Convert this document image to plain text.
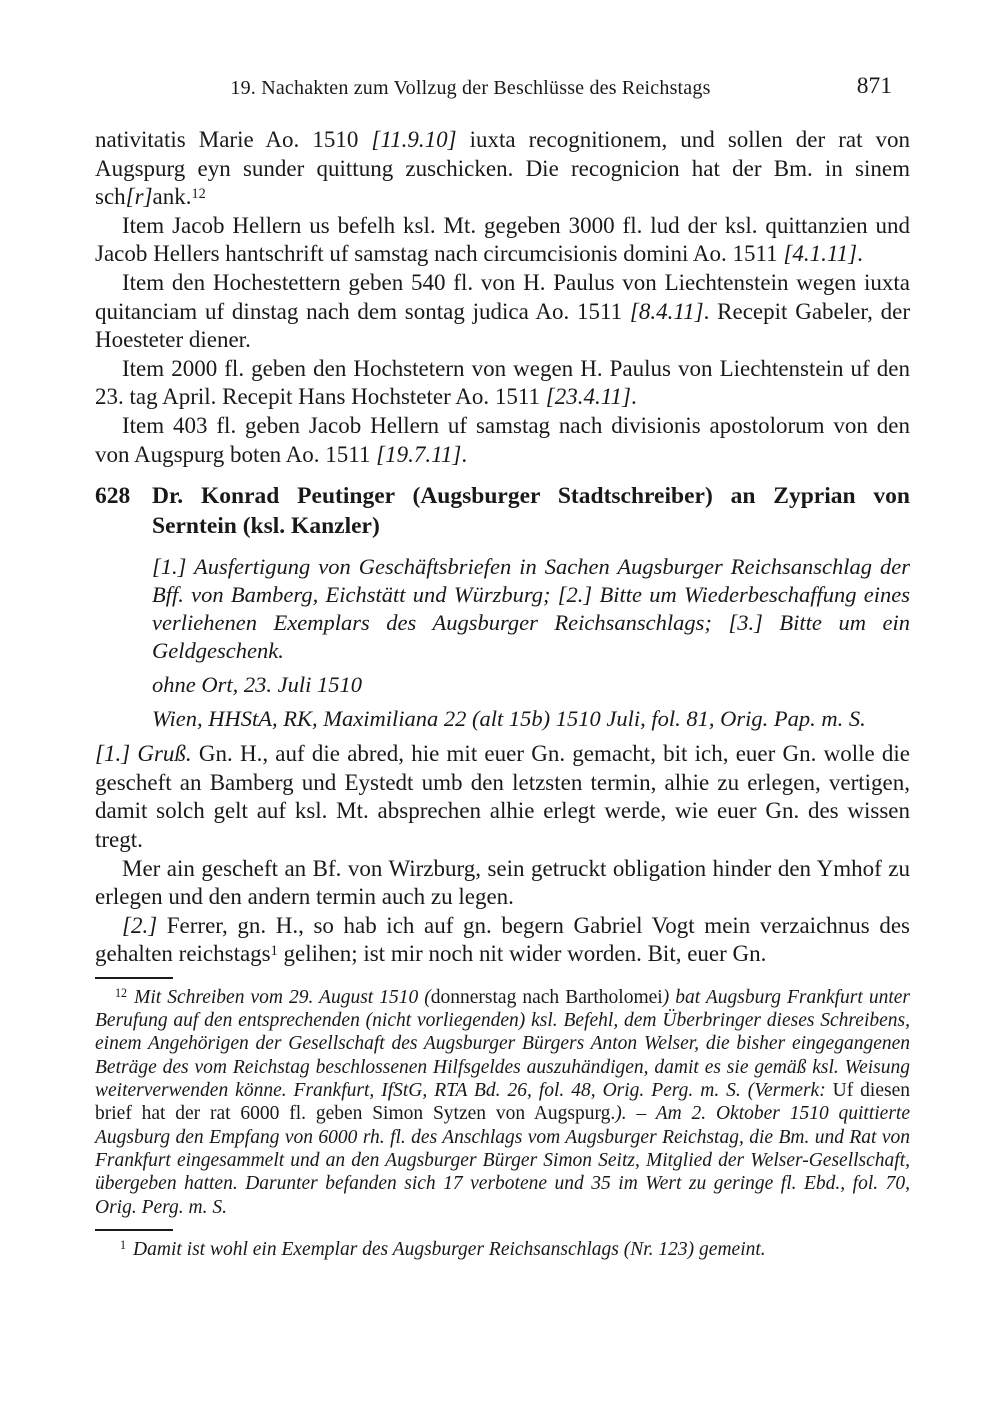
19. Nachakten zum Vollzug der Beschlüsse des Reichstags	871

nativitatis Marie Ao. 1510 [11.9.10] iuxta recognitionem, und sollen der rat von Augspurg eyn sunder quittung zuschicken. Die recognicion hat der Bm. in sinem sch[r]ank.$^{12}$

Item Jacob Hellern us befelh ksl. Mt. gegeben 3000 fl. lud der ksl. quittanzien und Jacob Hellers hantschrift uf samstag nach circumcisionis domini Ao. 1511 [4.1.11].

Item den Hochestettern geben 540 fl. von H. Paulus von Liechtenstein wegen iuxta quitanciam uf dinstag nach dem sontag judica Ao. 1511 [8.4.11]. Recepit Gabeler, der Hoesteter diener.

Item 2000 fl. geben den Hochstetern von wegen H. Paulus von Liechtenstein uf den 23. tag April. Recepit Hans Hochsteter Ao. 1511 [23.4.11].

Item 403 fl. geben Jacob Hellern uf samstag nach divisionis apostolorum von den von Augspurg boten Ao. 1511 [19.7.11].

628 Dr. Konrad Peutinger (Augsburger Stadtschreiber) an Zyprian von Serntein (ksl. Kanzler)

[1.] Ausfertigung von Geschäftsbriefen in Sachen Augsburger Reichsanschlag der Bff. von Bamberg, Eichstätt und Würzburg; [2.] Bitte um Wiederbeschaffung eines verliehenen Exemplars des Augsburger Reichsanschlags; [3.] Bitte um ein Geldgeschenk.

ohne Ort, 23. Juli 1510

Wien, HHStA, RK, Maximiliana 22 (alt 15b) 1510 Juli, fol. 81, Orig. Pap. m. S.

[1.] Gruß. Gn. H., auf die abred, hie mit euer Gn. gemacht, bit ich, euer Gn. wolle die gescheft an Bamberg und Eystedt umb den letzsten termin, alhie zu erlegen, vertigen, damit solch gelt auf ksl. Mt. absprechen alhie erlegt werde, wie euer Gn. des wissen tregt.

Mer ain gescheft an Bf. von Wirzburg, sein getruckt obligation hinder den Ymhof zu erlegen und den andern termin auch zu legen.

[2.] Ferrer, gn. H., so hab ich auf gn. begern Gabriel Vogt mein verzaichnus des gehalten reichstags$^1$ gelihen; ist mir noch nit wider worden. Bit, euer Gn.

$^{12}$ Mit Schreiben vom 29. August 1510 (donnerstag nach Bartholomei) bat Augsburg Frankfurt unter Berufung auf den entsprechenden (nicht vorliegenden) ksl. Befehl, dem Überbringer dieses Schreibens, einem Angehörigen der Gesellschaft des Augsburger Bürgers Anton Welser, die bisher eingegangenen Beträge des vom Reichstag beschlossenen Hilfsgeldes auszuhändigen, damit es sie gemäß ksl. Weisung weiterverwenden könne. Frankfurt, IfStG, RTA Bd. 26, fol. 48, Orig. Perg. m. S. (Vermerk: Uf diesen brief hat der rat 6000 fl. geben Simon Sytzen von Augspurg.). – Am 2. Oktober 1510 quittierte Augsburg den Empfang von 6000 rh. fl. des Anschlags vom Augsburger Reichstag, die Bm. und Rat von Frankfurt eingesammelt und an den Augsburger Bürger Simon Seitz, Mitglied der Welser-Gesellschaft, übergeben hatten. Darunter befanden sich 17 verbotene und 35 im Wert zu geringe fl. Ebd., fol. 70, Orig. Perg. m. S.

$^1$ Damit ist wohl ein Exemplar des Augsburger Reichsanschlags (Nr. 123) gemeint.
